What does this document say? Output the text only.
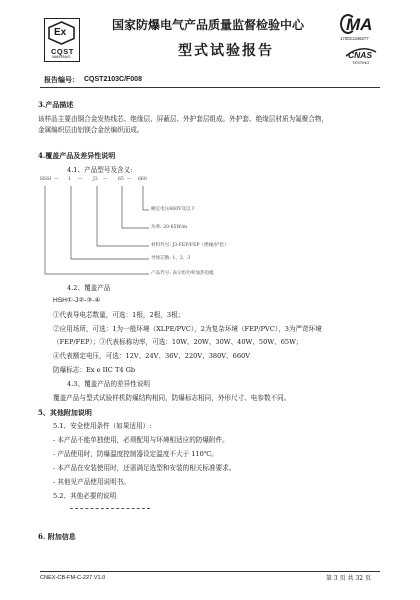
Ex
CQST
NANYANG
国家防爆电气产品质量监督检验中心
型式试验报告
MA
170021346277
CNAS
TESTING
报告编号： CQST2103C/F008
3.产品描述
该样品主要由铜合金发热线芯、绝缘层、屏蔽层、外护套层组成。外护套、绝缘层材质为氟聚合物，
金属编织层由铝镁合金丝编织而成。
4.覆盖产品及差异性说明
4.1、产品型号及含义:
HSH — 1 — J3 — 65 — 660
额定电压660V及以下
功率: 20-65W/m
材料代号: J3-FEP/FEP（绝缘/护套）
导体芯数: 1、2、3
产品代号: 表示恒功率加热电缆
4.2、覆盖产品
HSH①-J②-③-④
①代表导电芯数量，可选：1根，2根，3根；
②应用场所，可选：1为一般环境（XLPE/PVC），2为复杂环境（FEP/PVC），3为严苛环境
（FEP/FEP）；③代表标称功率，可选：10W、20W、30W、40W、50W、65W；
④代表额定电压，可选：12V、24V、36V、220V、380V、660V
防爆标志：Ex e IIC T4 Gb
4.3、覆盖产品的差异性说明
覆盖产品与型式试验样机防爆结构相同，防爆标志相同，外形尺寸、电参数不同。
5、其他附加说明
5.1、安全使用条件（如果适用）:
- 本产品不能单独使用，必须配用与环境相适应的防爆附件。
- 产品使用时，防爆温度控制器设定温度不大于 110℃。
- 本产品在安装使用时，还需满足选型和安装的相关标准要求。
- 其他见产品使用说明书。
5.2、其他必要的说明
6. 附加信息
CNEX-CB-FM-C-227 V1.0	第 3 页 共 32 页
